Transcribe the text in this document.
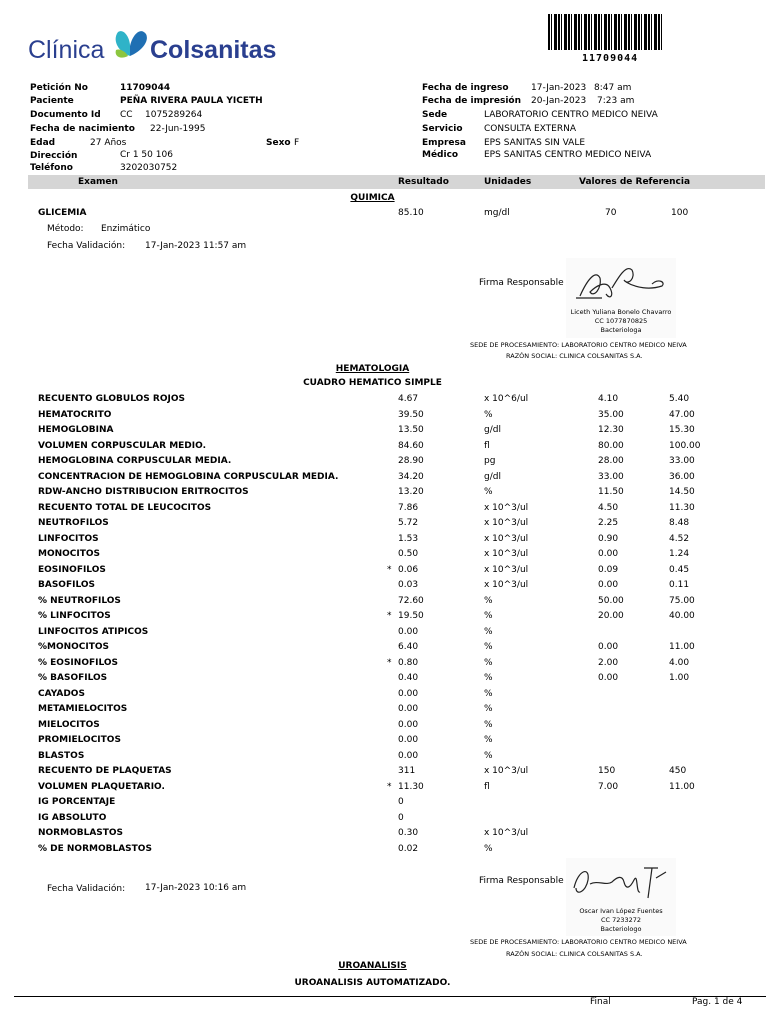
Clínica Colsanitas	11709044
Petición No	11709044
Paciente	PEÑA RIVERA PAULA YICETH
Documento Id CC 1075289264
Fecha de nacimiento 22-Jun-1995
Edad	27 Años	Sexo F
Dirección	Cr 1 50 106
Teléfono	3202030752
Fecha de ingreso 17-Jan-2023 8:47 am
Fecha de impresión 20-Jan-2023 7:23 am
Sede	LABORATORIO CENTRO MEDICO NEIVA
Servicio CONSULTA EXTERNA
Empresa EPS SANITAS SIN VALE
Médico	EPS SANITAS CENTRO MEDICO NEIVA
Examen	Resultado	Unidades	Valores de Referencia
QUIMICA
GLICEMIA	85.10	mg/dl	70	100
Método: Enzimático
Fecha Validación: 17-Jan-2023 11:57 am
Firma Responsable
Liceth Yuliana Bonelo Chavarro
CC 1077870825
Bacteriologa
SEDE DE PROCESAMIENTO: LABORATORIO CENTRO MEDICO NEIVA
RAZÓN SOCIAL: CLINICA COLSANITAS S.A.
HEMATOLOGIA
CUADRO HEMATICO SIMPLE
RECUENTO GLOBULOS ROJOS	4.67	x 10^6/ul	4.10	5.40
HEMATOCRITO	39.50	%	35.00	47.00
HEMOGLOBINA	13.50	g/dl	12.30	15.30
VOLUMEN CORPUSCULAR MEDIO.	84.60	fl	80.00	100.00
HEMOGLOBINA CORPUSCULAR MEDIA.	28.90	pg	28.00	33.00
CONCENTRACION DE HEMOGLOBINA CORPUSCULAR MEDIA.	34.20	g/dl	33.00	36.00
RDW-ANCHO DISTRIBUCION ERITROCITOS	13.20	%	11.50	14.50
RECUENTO TOTAL DE LEUCOCITOS	7.86	x 10^3/ul	4.50	11.30
NEUTROFILOS	5.72	x 10^3/ul	2.25	8.48
LINFOCITOS	1.53	x 10^3/ul	0.90	4.52
MONOCITOS	0.50	x 10^3/ul	0.00	1.24
EOSINOFILOS	* 0.06	x 10^3/ul	0.09	0.45
BASOFILOS	0.03	x 10^3/ul	0.00	0.11
% NEUTROFILOS	72.60	%	50.00	75.00
% LINFOCITOS	* 19.50	%	20.00	40.00
LINFOCITOS ATIPICOS	0.00	%
%MONOCITOS	6.40	%	0.00	11.00
% EOSINOFILOS	* 0.80	%	2.00	4.00
% BASOFILOS	0.40	%	0.00	1.00
CAYADOS	0.00	%
METAMIELOCITOS	0.00	%
MIELOCITOS	0.00	%
PROMIELOCITOS	0.00	%
BLASTOS	0.00	%
RECUENTO DE PLAQUETAS	311	x 10^3/ul	150	450
VOLUMEN PLAQUETARIO.	* 11.30	fl	7.00	11.00
IG PORCENTAJE	0
IG ABSOLUTO	0
NORMOBLASTOS	0.30	x 10^3/ul
% DE NORMOBLASTOS	0.02	%
Fecha Validación: 17-Jan-2023 10:16 am
Firma Responsable
Oscar Ivan López Fuentes
CC 7233272
Bacteriologo
SEDE DE PROCESAMIENTO: LABORATORIO CENTRO MEDICO NEIVA
RAZÓN SOCIAL: CLINICA COLSANITAS S.A.
UROANALISIS
UROANALISIS AUTOMATIZADO.
Final	Pag. 1 de 4
